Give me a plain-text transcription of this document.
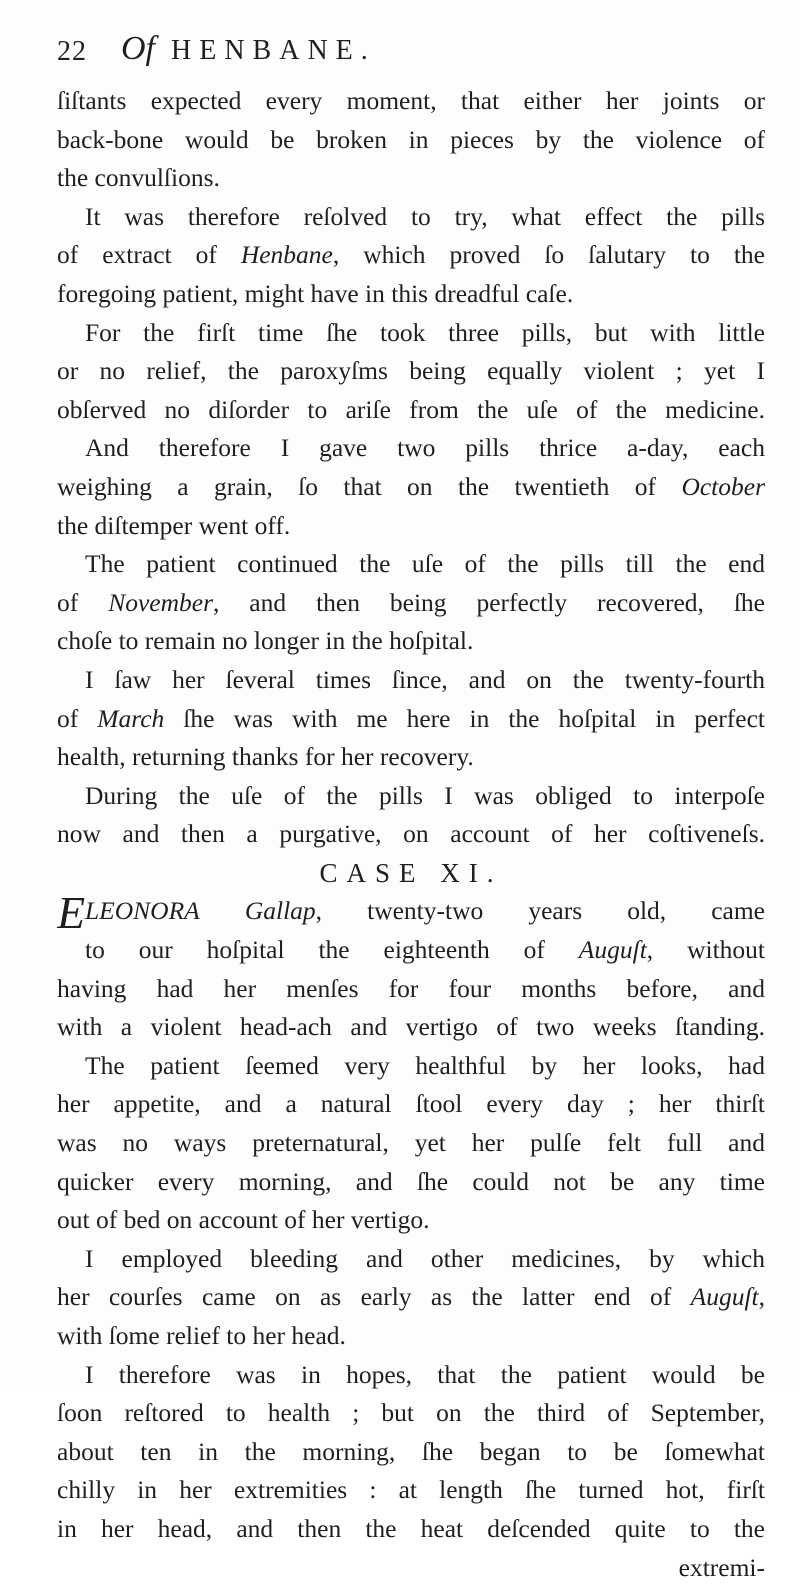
22 Of HENBANE.
ſiſtants expected every moment, that either her joints or
back-bone would be broken in pieces by the violence of
the convulſions.
It was therefore reſolved to try, what effect the pills
of extract of Henbane, which proved ſo ſalutary to the
foregoing patient, might have in this dreadful caſe.
For the firſt time ſhe took three pills, but with little
or no relief, the paroxyſms being equally violent ; yet I
obſerved no diſorder to ariſe from the uſe of the medicine.
And therefore I gave two pills thrice a-day, each
weighing a grain, ſo that on the twentieth of October
the diſtemper went off.
The patient continued the uſe of the pills till the end
of November, and then being perfectly recovered, ſhe
choſe to remain no longer in the hoſpital.
I ſaw her ſeveral times ſince, and on the twenty-fourth
of March ſhe was with me here in the hoſpital in perfect
health, returning thanks for her recovery.
During the uſe of the pills I was obliged to interpoſe
now and then a purgative, on account of her coſtiveneſs.
CASE XI.
E LEONORA Gallap, twenty-two years old, came
to our hoſpital the eighteenth of Auguſt, without
having had her menſes for four months before, and
with a violent head-ach and vertigo of two weeks ſtanding.
The patient ſeemed very healthful by her looks, had
her appetite, and a natural ſtool every day ; her thirſt
was no ways preternatural, yet her pulſe felt full and
quicker every morning, and ſhe could not be any time
out of bed on account of her vertigo.
I employed bleeding and other medicines, by which
her courſes came on as early as the latter end of Auguſt,
with ſome relief to her head.
I therefore was in hopes, that the patient would be
ſoon reſtored to health ; but on the third of September,
about ten in the morning, ſhe began to be ſomewhat
chilly in her extremities : at length ſhe turned hot, firſt
in her head, and then the heat deſcended quite to the
extremi-
